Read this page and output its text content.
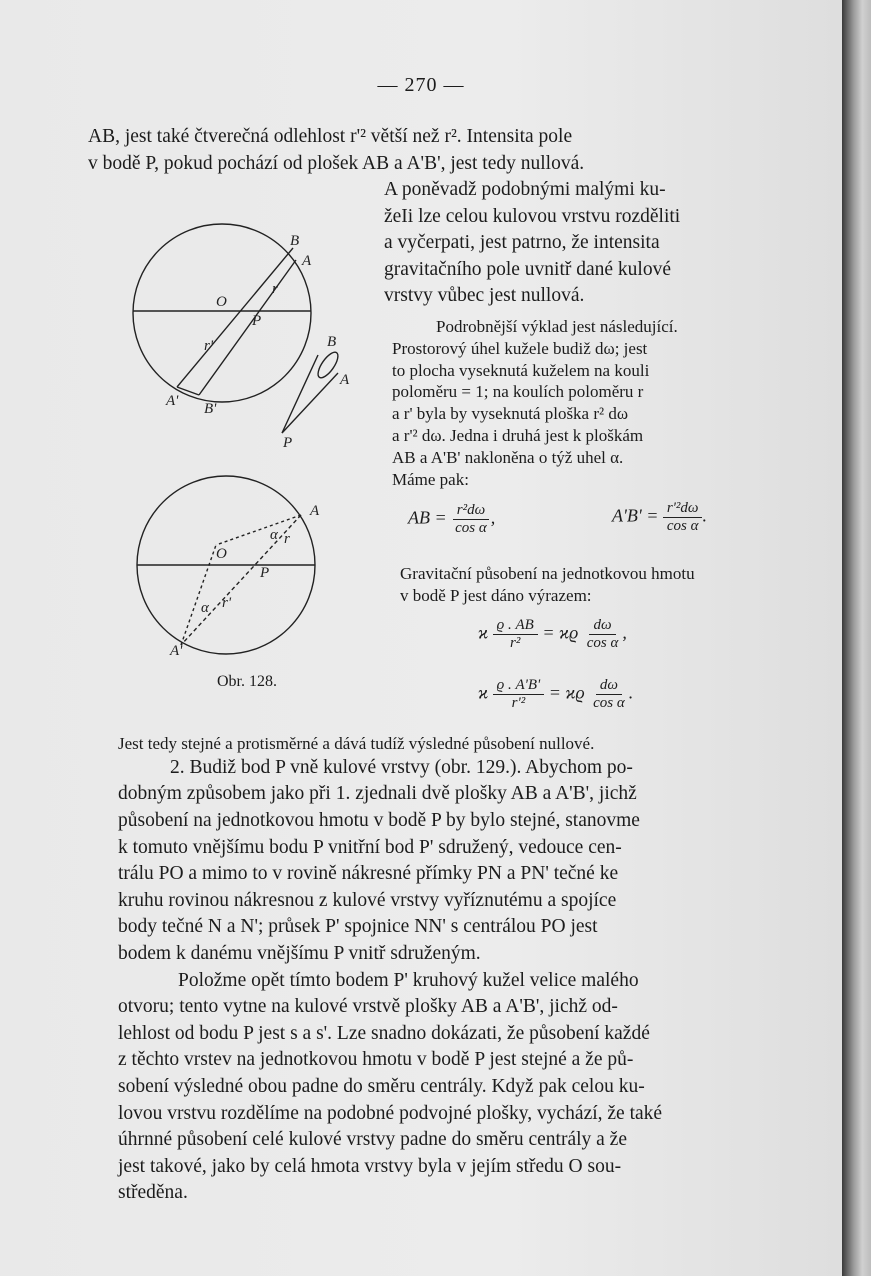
— 270 —
AB, jest také čtverečná odlehlost r'² větší než r². Intensita pole
v bodě P, pokud pochází od plošek AB a A'B', jest tedy nullová.
A poněvadž podobnými malými ku-
žeIi lze celou kulovou vrstvu rozděliti
a vyčerpati, jest patrno, že intensita
gravitačního pole uvnitř dané kulové
vrstvy vůbec jest nullová.
Podrobnější výklad jest následující.
Prostorový úhel kužele budiž dω; jest
to plocha vyseknutá kuželem na kouli
poloměru = 1; na koulích poloměru r
a r' byla by vyseknutá ploška r² dω
a r'² dω. Jedna i druhá jest k ploškám
AB a A'B' nakloněna o týž uhel α.
Máme pak:
AB = $\frac{\text{r²dω}}{\text{cos α}}$ ,	$A'B' = \frac{\text{r'²dω}}{\text{cos α}}$ .
Gravitační působení na jednotkovou hmotu
v bodě P jest dáno výrazem:
ϰ $\frac{ϱ . AB}{\text{r²}} = ϰϱ \frac{d\omega}{\text{cos α}}$ ,
ϰ $\frac{ϱ . A'B'}{\text{r'²}} = ϰϱ \frac{d\omega}{\text{cos α}}$ .
B
A
O
P
r
r'
A' B'
B
A
P
A
O
P
α r
α r'
A'
Obr. 128.
Jest tedy stejné a protisměrné a dává tudíž výsledné působení nullové.
2. Budiž bod P vně kulové vrstvy (obr. 129.). Abychom po-
dobným způsobem jako při 1. zjednali dvě plošky AB a A'B', jichž
působení na jednotkovou hmotu v bodě P by bylo stejné, stanovme
k tomuto vnějšímu bodu P vnitřní bod P' sdružený, vedouce cen-
trálu PO a mimo to v rovině nákresné přímky PN a PN' tečné ke
kruhu rovinou nákresnou z kulové vrstvy vyříznutému a spojíce
body tečné N a N'; průsek P' spojnice NN' s centrálou PO jest
bodem k danému vnějšímu P vnitř sdruženým.
Položme opět tímto bodem P' kruhový kužel velice malého
otvoru; tento vytne na kulové vrstvě plošky AB a A'B', jichž od-
lehlost od bodu P jest s a s'. Lze snadno dokázati, že působení každé
z těchto vrstev na jednotkovou hmotu v bodě P jest stejné a že pů-
sobení výsledné obou padne do směru centrály. Když pak celou ku-
lovou vrstvu rozdělíme na podobné podvojné plošky, vychází, že také
úhrnné působení celé kulové vrstvy padne do směru centrály a že
jest takové, jako by celá hmota vrstvy byla v jejím středu O sou-
středěna.
